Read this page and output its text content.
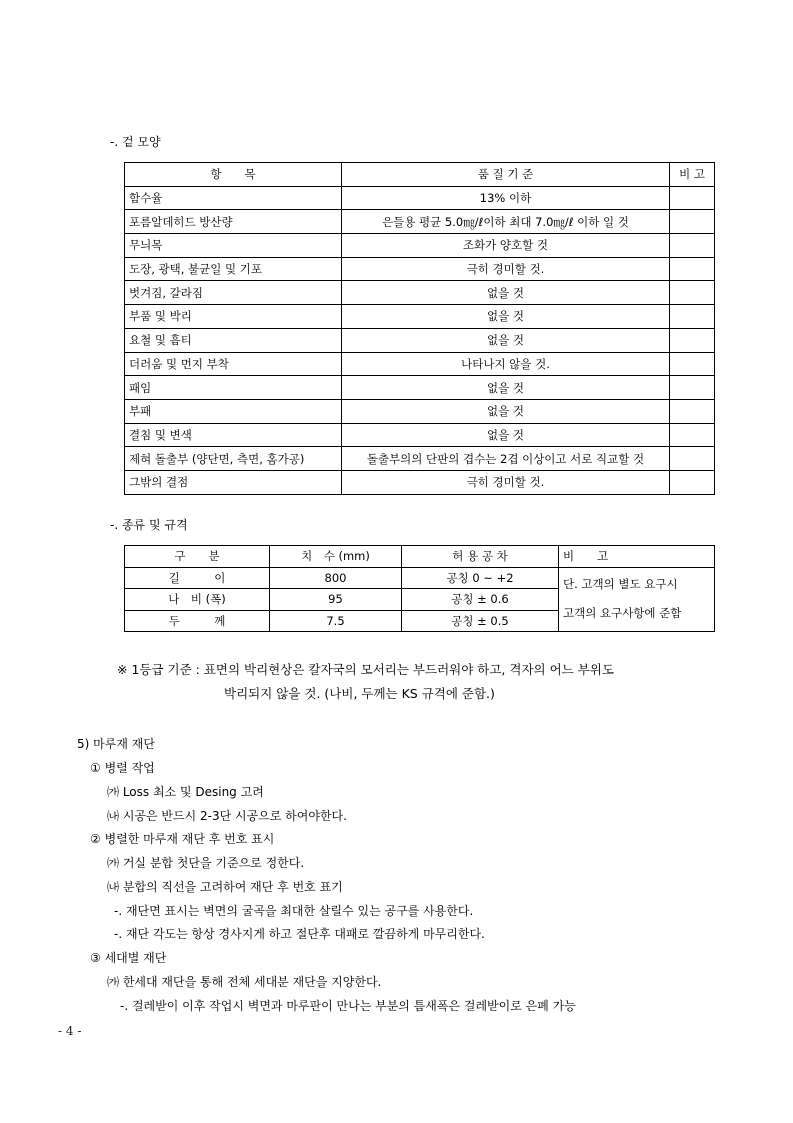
-. 겉 모양
항　　목	품 질 기 준	비 고
함수율	13% 이하	
포름알데히드 방산량	은들용 평균 5.0㎎/ℓ이하 최대 7.0㎎/ℓ 이하 일 것	
무늬목	조화가 양호할 것	
도장, 광택, 불균일 및 기포	극히 경미할 것.	
벗겨짐, 갈라짐	없을 것	
부품 및 박리	없을 것	
요철 및 흠티	없을 것	
더러움 및 먼지 부착	나타나지 않을 것.	
패임	없을 것	
부패	없을 것	
결침 및 변색	없을 것	
제혀 돌출부 (양단면, 측면, 홈가공)	돌출부의의 단판의 겹수는 2겹 이상이고 서로 직교할 것	
그밖의 결점	극히 경미할 것.	
-. 종류 및 규격
구　　분	치　수 (mm)	허 용 공 차	비　　고
길　　　이	800	공칭 0 ~ +2	단. 고객의 별도 요구시
고객의 요구사항에 준함

나　비 (폭)	95	공칭 ± 0.6	
두　　　께	7.5	공칭 ± 0.5	
※ 1등급 기준 : 표면의 박리현상은 칼자국의 모서리는 부드러워야 하고, 격자의 어느 부위도
박리되지 않을 것. (나비, 두께는 KS 규격에 준함.)
5) 마루재 재단
① 병렬 작업
㈎ Loss 최소 및 Desing 고려
㈏ 시공은 반드시 2-3단 시공으로 하여야한다.
② 병렬한 마루재 재단 후 번호 표시
㈎ 거실 분합 첫단을 기준으로 정한다.
㈏ 분합의 직선을 고려하여 재단 후 번호 표기
-. 재단면 표시는 벽면의 굴곡을 최대한 살릴수 있는 공구를 사용한다.
-. 재단 각도는 항상 경사지게 하고 절단후 대패로 깔끔하게 마무리한다.
③ 세대별 재단
㈎ 한세대 재단을 통해 전체 세대분 재단을 지양한다.
-. 걸레받이 이후 작업시 벽면과 마루판이 만나는 부분의 틈새폭은 걸레받이로 은폐 가능
- 4 -
